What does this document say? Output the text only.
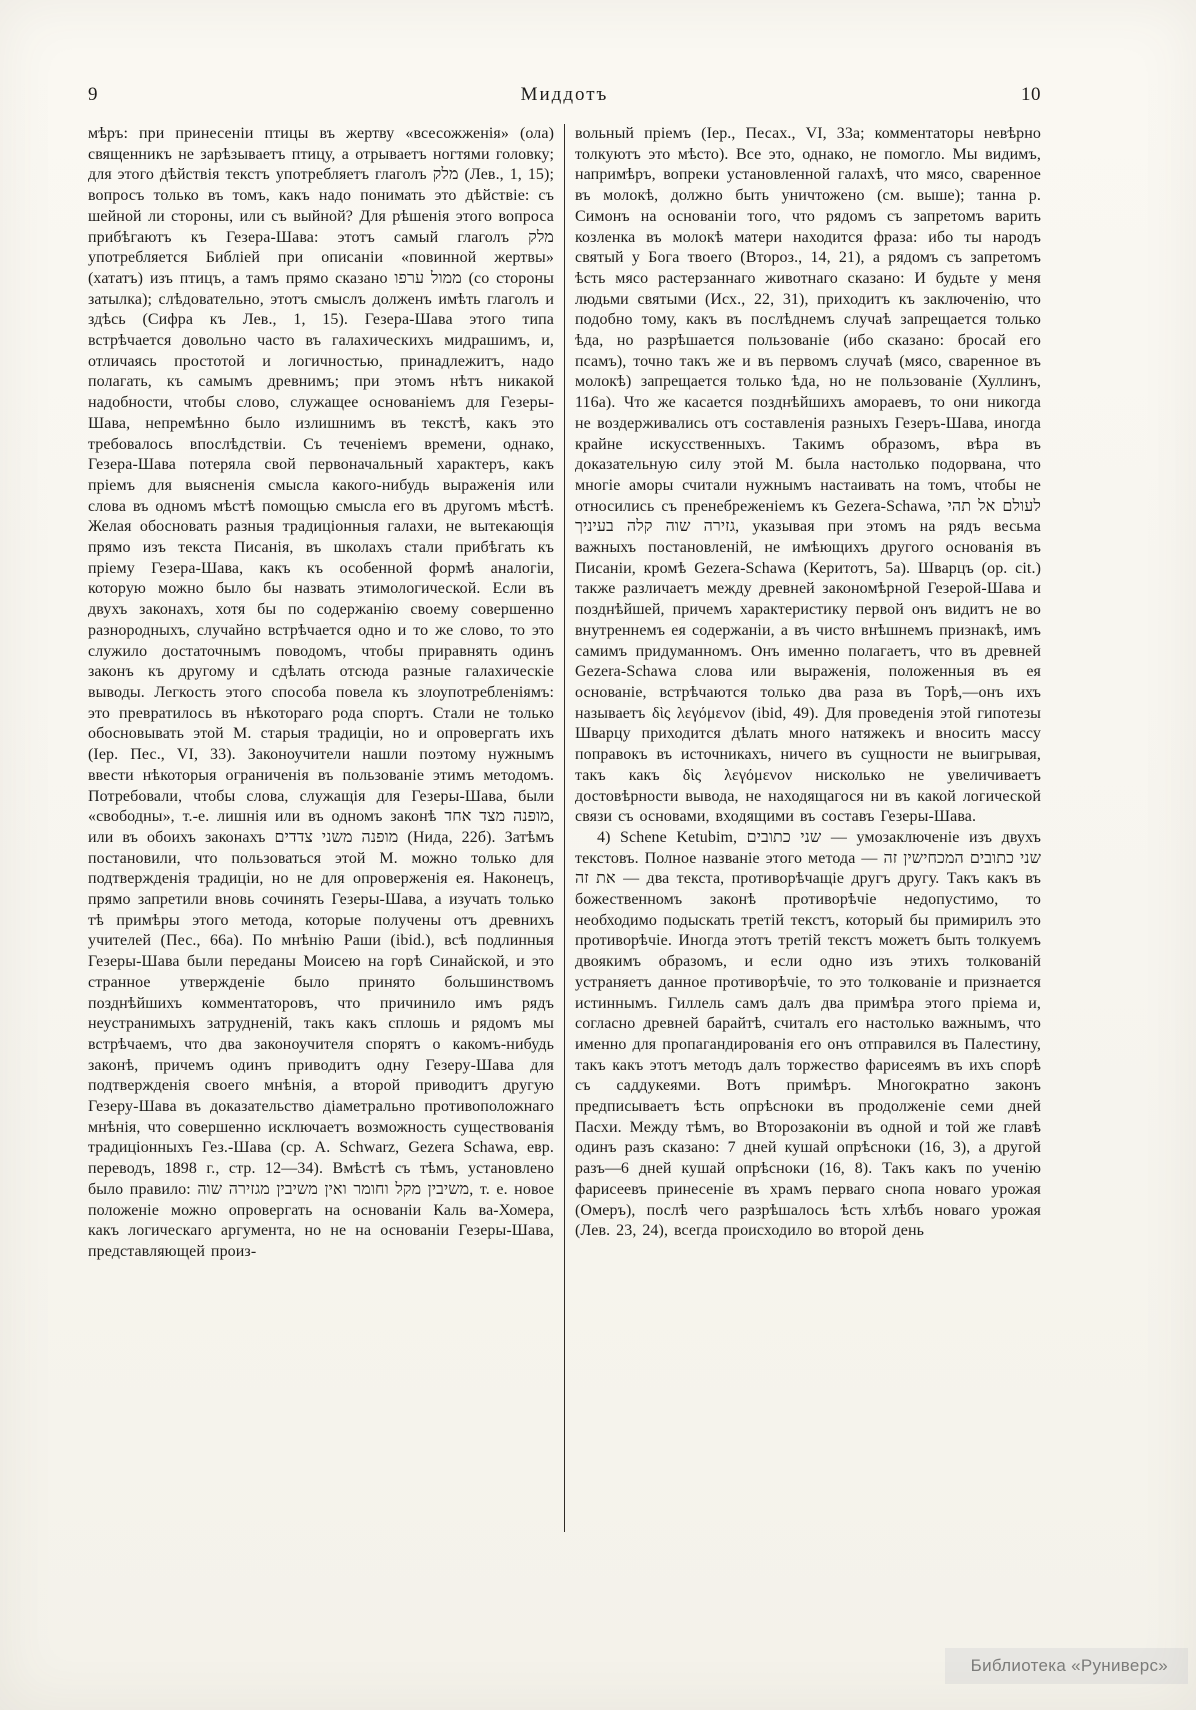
9	Миддотъ	10

мѣръ: при принесеніи птицы въ жертву «всесожженія» (ола) священникъ не зарѣзываетъ птицу, а отрываетъ ногтями головку; для этого дѣйствія текстъ употребляетъ глаголъ מלק (Лев., 1, 15); вопросъ только въ томъ, какъ надо понимать это дѣйствіе: съ шейной ли стороны, или съ выйной? Для рѣшенія этого вопроса прибѣгаютъ къ Гезера-Шава: этотъ самый глаголъ מלק употребляется Библіей при описаніи «повинной жертвы» (хататъ) изъ птицъ, а тамъ прямо сказано ממול ערפו (со стороны затылка); слѣдовательно, этотъ смыслъ долженъ имѣть глаголъ и здѣсь (Сифра къ Лев., 1, 15). Гезера-Шава этого типа встрѣчается довольно часто въ галахическихъ мидрашимъ, и, отличаясь простотой и логичностью, принадлежитъ, надо полагать, къ самымъ древнимъ; при этомъ нѣтъ никакой надобности, чтобы слово, служащее основаніемъ для Гезеры-Шава, непремѣнно было излишнимъ въ текстѣ, какъ это требовалось впослѣдствіи. Съ теченіемъ времени, однако, Гезера-Шава потеряла свой первоначальный характеръ, какъ пріемъ для выясненія смысла какого-нибудь выраженія или слова въ одномъ мѣстѣ помощью смысла его въ другомъ мѣстѣ. Желая обосновать разныя традиціонныя галахи, не вытекающія прямо изъ текста Писанія, въ школахъ стали прибѣгать къ пріему Гезера-Шава, какъ къ особенной формѣ аналогіи, которую можно было бы назвать этимологической. Если въ двухъ законахъ, хотя бы по содержанію своему совершенно разнородныхъ, случайно встрѣчается одно и то же слово, то это служило достаточнымъ поводомъ, чтобы приравнять одинъ законъ къ другому и сдѣлать отсюда разные галахическіе выводы. Легкость этого способа повела къ злоупотребленіямъ: это превратилось въ нѣкотораго рода спортъ. Стали не только обосновывать этой М. старыя традиціи, но и опровергать ихъ (Іер. Пес., VI, 33). Законоучители нашли поэтому нужнымъ ввести нѣкоторыя ограниченія въ пользованіе этимъ методомъ. Потребовали, чтобы слова, служащія для Гезеры-Шава, были «свободны», т.-е. лишнія или въ одномъ законѣ מופנה מצד אחד, или въ обоихъ законахъ מופנה משני צדדים (Нида, 22б). Затѣмъ постановили, что пользоваться этой М. можно только для подтвержденія традиціи, но не для опроверженія ея. Наконецъ, прямо запретили вновь сочинять Гезеры-Шава, а изучать только тѣ примѣры этого метода, которые получены отъ древнихъ учителей (Пес., 66а). По мнѣнію Раши (ibid.), всѣ подлинныя Гезеры-Шава были переданы Моисею на горѣ Синайской, и это странное утвержденіе было принято большинствомъ позднѣйшихъ комментаторовъ, что причинило имъ рядъ неустранимыхъ затрудненій, такъ какъ сплошь и рядомъ мы встрѣчаемъ, что два законоучителя спорятъ о какомъ-нибудь законѣ, причемъ одинъ приводитъ одну Гезеру-Шава для подтвержденія своего мнѣнія, а второй приводитъ другую Гезеру-Шава въ доказательство діаметрально противоположнаго мнѣнія, что совершенно исключаетъ возможность существованія традиціонныхъ Гез.-Шава (ср. А. Schwarz, Gezera Schawa, евр. переводъ, 1898 г., стр. 12—34). Вмѣстѣ съ тѣмъ, установлено было правило: משיבין מקל וחומר ואין משיבין מגזירה שוה, т. е. новое положеніе можно опровергать на основаніи Каль ва-Хомера, какъ логическаго аргумента, но не на основаніи Гезеры-Шава, представляющей произ-

вольный пріемъ (Іер., Песах., VI, 33а; комментаторы невѣрно толкуютъ это мѣсто). Все это, однако, не помогло. Мы видимъ, напримѣръ, вопреки установленной галахѣ, что мясо, сваренное въ молокѣ, должно быть уничтожено (см. выше); танна р. Симонъ на основаніи того, что рядомъ съ запретомъ варить козленка въ молокѣ матери находится фраза: ибо ты народъ святый у Бога твоего (Второз., 14, 21), а рядомъ съ запретомъ ѣсть мясо растерзаннаго животнаго сказано: И будьте у меня людьми святыми (Исх., 22, 31), приходитъ къ заключенію, что подобно тому, какъ въ послѣднемъ случаѣ запрещается только ѣда, но разрѣшается пользованіе (ибо сказано: бросай его псамъ), точно такъ же и въ первомъ случаѣ (мясо, сваренное въ молокѣ) запрещается только ѣда, но не пользованіе (Хуллинъ, 116а). Что же касается позднѣйшихъ амораевъ, то они никогда не воздерживались отъ составленія разныхъ Гезеръ-Шава, иногда крайне искусственныхъ. Такимъ образомъ, вѣра въ доказательную силу этой М. была настолько подорвана, что многіе аморы считали нужнымъ настаивать на томъ, чтобы не относились съ пренебреженіемъ къ Gezera-Schawa, לעולם אל תהי גזירה שוה קלה בעיניך, указывая при этомъ на рядъ весьма важныхъ постановленій, не имѣющихъ другого основанія въ Писаніи, кромѣ Gezera-Schawa (Керитотъ, 5а). Шварцъ (op. cit.) также различаетъ между древней закономѣрной Гезерой-Шава и позднѣйшей, причемъ характеристику первой онъ видитъ не во внутреннемъ ея содержаніи, а въ чисто внѣшнемъ признакѣ, имъ самимъ придуманномъ. Онъ именно полагаетъ, что въ древней Gezera-Schawa слова или выраженія, положенныя въ ея основаніе, встрѣчаются только два раза въ Торѣ,—онъ ихъ называетъ δὶς λεγόμενον (ibid, 49). Для проведенія этой гипотезы Шварцу приходится дѣлать много натяжекъ и вносить массу поправокъ въ источникахъ, ничего въ сущности не выигрывая, такъ какъ δὶς λεγόμενον нисколько не увеличиваетъ достовѣрности вывода, не находящагося ни въ какой логической связи съ основами, входящими въ составъ Гезеры-Шава.

4) Schene Ketubim, שני כתובים — умозаключеніе изъ двухъ текстовъ. Полное названіе этого метода — שני כתובים המכחישין זה את זה — два текста, противорѣчащіе другъ другу. Такъ какъ въ божественномъ законѣ противорѣчіе недопустимо, то необходимо подыскать третій текстъ, который бы примирилъ это противорѣчіе. Иногда этотъ третій текстъ можетъ быть толкуемъ двоякимъ образомъ, и если одно изъ этихъ толкованій устраняетъ данное противорѣчіе, то это толкованіе и признается истиннымъ. Гиллель самъ далъ два примѣра этого пріема и, согласно древней барайтѣ, считалъ его настолько важнымъ, что именно для пропагандированія его онъ отправился въ Палестину, такъ какъ этотъ методъ далъ торжество фарисеямъ въ ихъ спорѣ съ саддукеями. Вотъ примѣръ. Многократно законъ предписываетъ ѣсть опрѣсноки въ продолженіе семи дней Пасхи. Между тѣмъ, во Второзаконіи въ одной и той же главѣ одинъ разъ сказано: 7 дней кушай опрѣсноки (16, 3), а другой разъ—6 дней кушай опрѣсноки (16, 8). Такъ какъ по ученію фарисеевъ принесеніе въ храмъ перваго снопа новаго урожая (Омеръ), послѣ чего разрѣшалось ѣсть хлѣбъ новаго урожая (Лев. 23, 24), всегда происходило во второй день

Библиотека «Руниверс»
